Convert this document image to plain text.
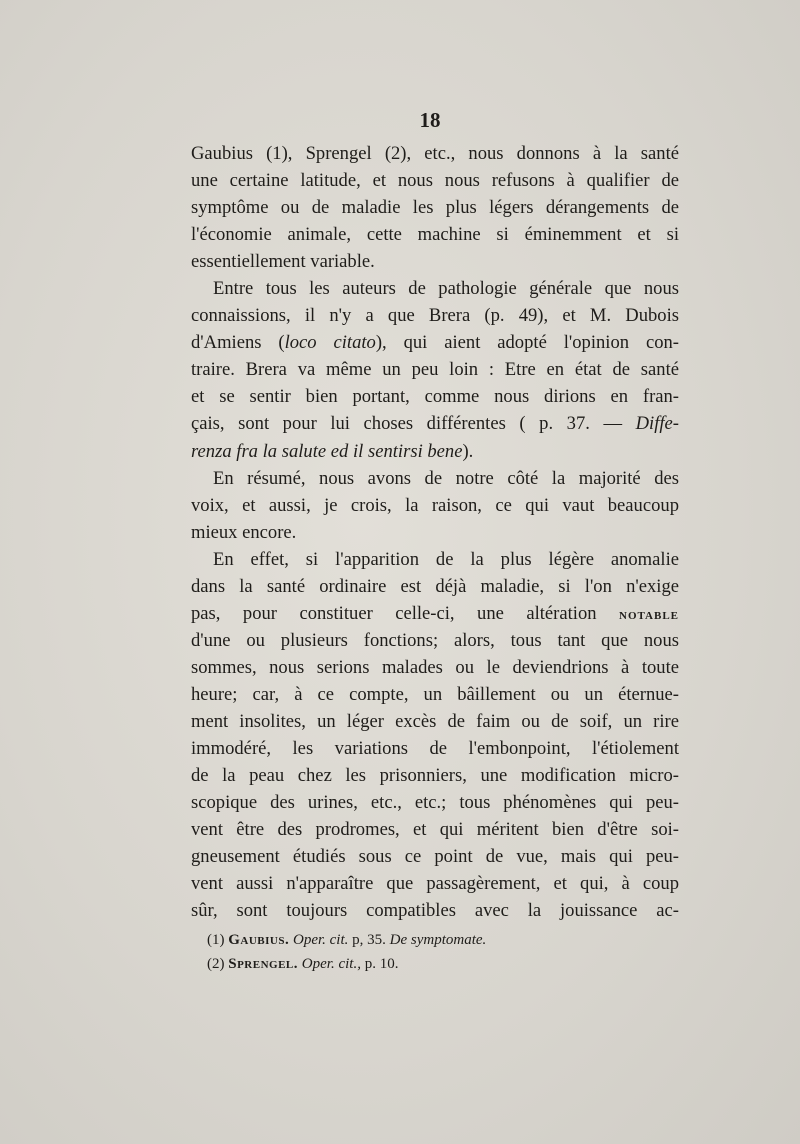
18
Gaubius (1), Sprengel (2), etc., nous donnons à la santé
une certaine latitude, et nous nous refusons à qualifier de
symptôme ou de maladie les plus légers dérangements de
l'économie animale, cette machine si éminemment et si
essentiellement variable.
Entre tous les auteurs de pathologie générale que nous
connaissions, il n'y a que Brera (p. 49), et M. Dubois
d'Amiens (loco citato), qui aient adopté l'opinion con-
traire. Brera va même un peu loin : Etre en état de santé
et se sentir bien portant, comme nous dirions en fran-
çais, sont pour lui choses différentes ( p. 37. — Diffe-
renza fra la salute ed il sentirsi bene).
En résumé, nous avons de notre côté la majorité des
voix, et aussi, je crois, la raison, ce qui vaut beaucoup
mieux encore.
En effet, si l'apparition de la plus légère anomalie
dans la santé ordinaire est déjà maladie, si l'on n'exige
pas, pour constituer celle-ci, une altération notable
d'une ou plusieurs fonctions; alors, tous tant que nous
sommes, nous serions malades ou le deviendrions à toute
heure; car, à ce compte, un bâillement ou un éternue-
ment insolites, un léger excès de faim ou de soif, un rire
immodéré, les variations de l'embonpoint, l'étiolement
de la peau chez les prisonniers, une modification micro-
scopique des urines, etc., etc.; tous phénomènes qui peu-
vent être des prodromes, et qui méritent bien d'être soi-
gneusement étudiés sous ce point de vue, mais qui peu-
vent aussi n'apparaître que passagèrement, et qui, à coup
sûr, sont toujours compatibles avec la jouissance ac-
(1) Gaubius. Oper. cit. p, 35. De symptomate.
(2) Sprengel. Oper. cit., p. 10.
